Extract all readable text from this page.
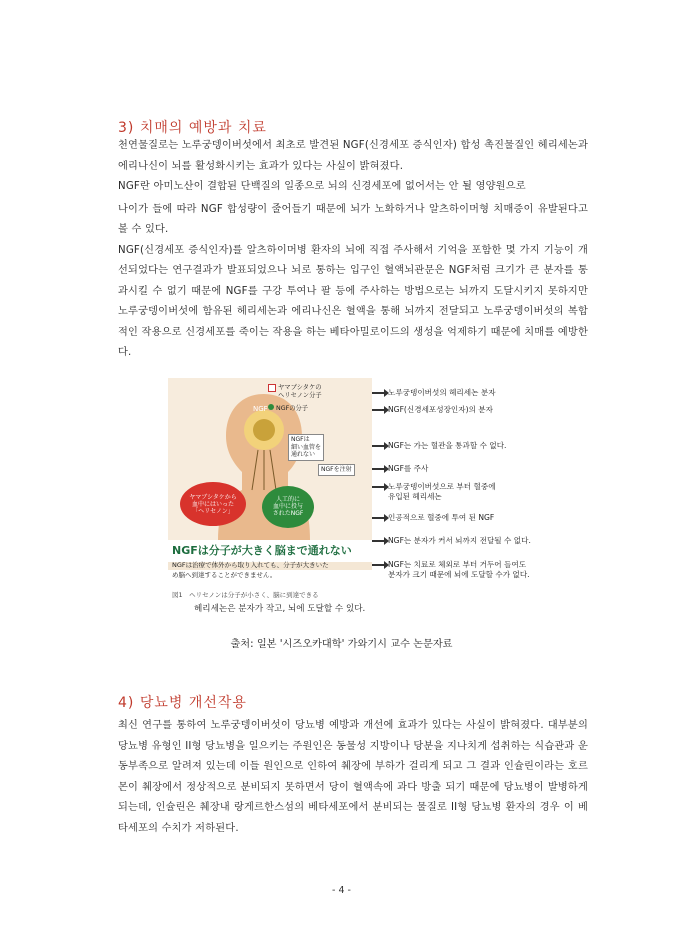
3) 치매의 예방과 치료

천연물질로는 노루궁뎅이버섯에서 최초로 발견된 NGF(신경세포 증식인자) 합성 촉진물질인 헤리세논과 에리나신이 뇌를 활성화시키는 효과가 있다는 사실이 밝혀졌다.

NGF란 아미노산이 결합된 단백질의 일종으로 뇌의 신경세포에 없어서는 안 될 영양원으로

나이가 들에 따라 NGF 합성량이 줄어들기 때문에 뇌가 노화하거나 알츠하이머형 치매증이 유발된다고 볼 수 있다.

NGF(신경세포 증식인자)를 알츠하이머병 환자의 뇌에 직접 주사해서 기억을 포함한 몇 가지 기능이 개선되었다는 연구결과가 발표되었으나 뇌로 통하는 입구인 혈액뇌관문은 NGF처럼 크기가 큰 분자를 통과시킬 수 없기 때문에 NGF를 구강 투여나 팔 등에 주사하는 방법으로는 뇌까지 도달시키지 못하지만 노루궁뎅이버섯에 함유된 헤리세논과 에리나신은 혈액을 통해 뇌까지 전달되고 노루궁뎅이버섯의 복합적인 작용으로 신경세포를 죽이는 작용을 하는 베타아밀로이드의 생성을 억제하기 때문에 치매를 예방한다.

ヤマブシタケの
ヘリセノン分子
NGFの分子
NGF
NGFは
細い血管を
通れない
NGFを注射
ヤマブシタケから
血中にはいった
「ヘリセノン」
人工的に
血中に投与
されたNGF
NGFは分子が大きく脳まで通れない
NGFは治療で体外から取り入れても、分子が大きいた
め脳へ到達することができません。
図1　ヘリセノンは分子が小さく、脳に到達できる
노루궁뎅이버섯의 헤리세논 분자
NGF(신경세포성장인자)의 분자
NGF는 가는 혈관을 통과할 수 없다.
NGF를 주사
노루궁뎅이버섯으로 부터 혈중에
유입된 헤리세논
인공적으로 혈중에 투여 된 NGF
NGF는 분자가 커서 뇌까지 전달될 수 없다.
NGF는 치료로 체외로 부터 거두어 들여도
분자가 크기 때문에 뇌에 도달할 수가 없다.
헤리세논은 분자가 작고, 뇌에 도달할 수 있다.
출처: 일본 '시즈오카대학' 가와기시 교수 논문자료
4) 당뇨병 개선작용

최신 연구를 통하여 노루궁뎅이버섯이 당뇨병 예방과 개선에 효과가 있다는 사실이 밝혀졌다. 대부분의 당뇨병 유형인 II형 당뇨병을 일으키는 주원인은 동물성 지방이나 당분을 지나치게 섭취하는 식습관과 운동부족으로 알려져 있는데 이들 원인으로 인하여 췌장에 부하가 걸리게 되고 그 결과 인슐린이라는 호르몬이 췌장에서 정상적으로 분비되지 못하면서 당이 혈액속에 과다 방출 되기 때문에 당뇨병이 발병하게 되는데, 인슐린은 췌장내 랑게르한스섬의 베타세포에서 분비되는 물질로 II형 당뇨병 환자의 경우 이 베타세포의 수치가 저하된다.

- 4 -
